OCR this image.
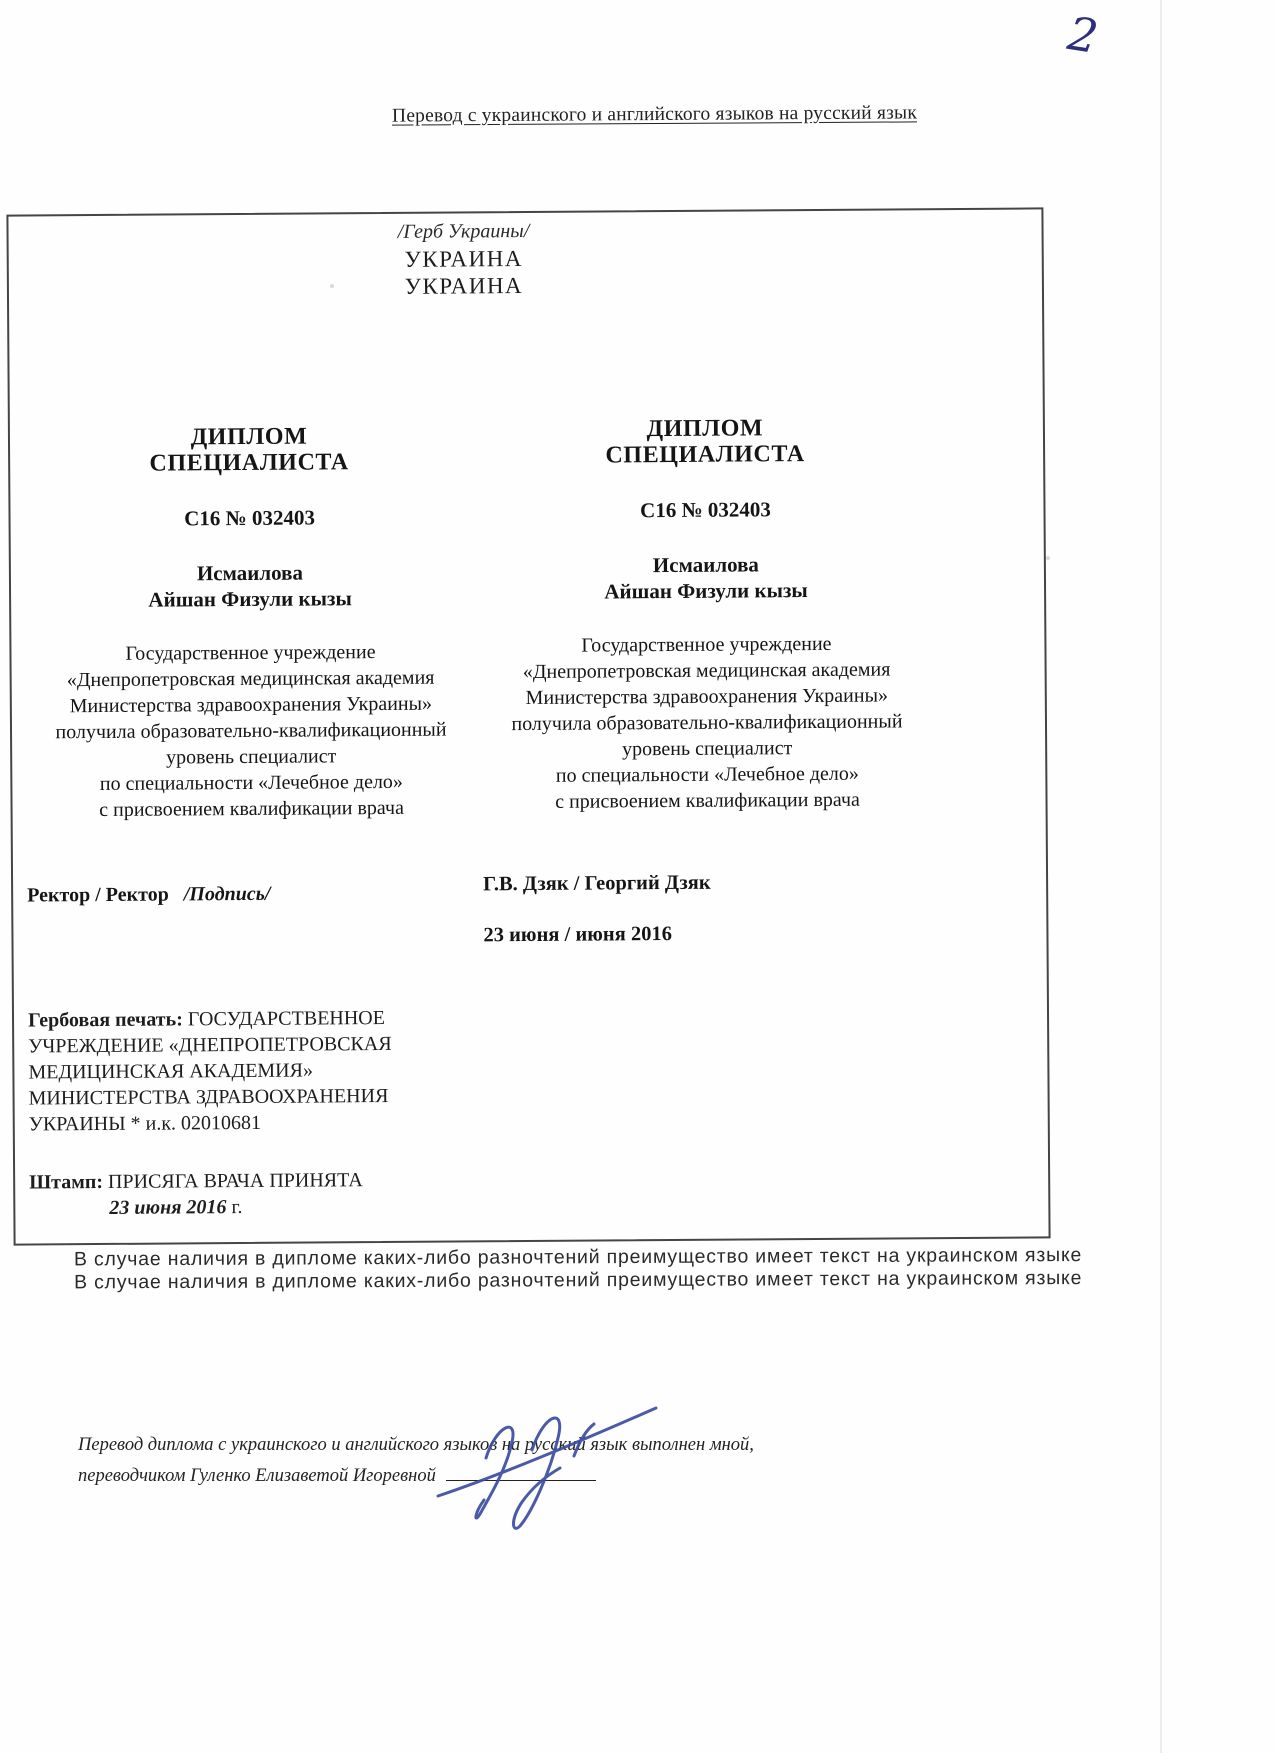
2
Перевод с украинского и английского языков на русский язык
/Герб Украины/
УКРАИНА
УКРАИНА
ДИПЛОМ
СПЕЦИАЛИСТА
С16 № 032403
Исмаилова
Айшан Физули кызы
Государственное учреждение
«Днепропетровская медицинская академия
Министерства здравоохранения Украины»
получила образовательно-квалификационный
уровень специалист
по специальности «Лечебное дело»
с присвоением квалификации врача
Ректор / Ректор /Подпись/
ДИПЛОМ
СПЕЦИАЛИСТА
С16 № 032403
Исмаилова
Айшан Физули кызы
Государственное учреждение
«Днепропетровская медицинская академия
Министерства здравоохранения Украины»
получила образовательно-квалификационный
уровень специалист
по специальности «Лечебное дело»
с присвоением квалификации врача
Г.В. Дзяк / Георгий Дзяк
23 июня / июня 2016
Гербовая печать: ГОСУДАРСТВЕННОЕ
УЧРЕЖДЕНИЕ «ДНЕПРОПЕТРОВСКАЯ
МЕДИЦИНСКАЯ АКАДЕМИЯ»
МИНИСТЕРСТВА ЗДРАВООХРАНЕНИЯ
УКРАИНЫ * и.к. 02010681
Штамп: ПРИСЯГА ВРАЧА ПРИНЯТА
23 июня 2016 г.
В случае наличия в дипломе каких-либо разночтений преимущество имеет текст на украинском языке
В случае наличия в дипломе каких-либо разночтений преимущество имеет текст на украинском языке
Перевод диплома с украинского и английского языков на русский язык выполнен мной,
переводчиком Гуленко Елизаветой Игоревной
